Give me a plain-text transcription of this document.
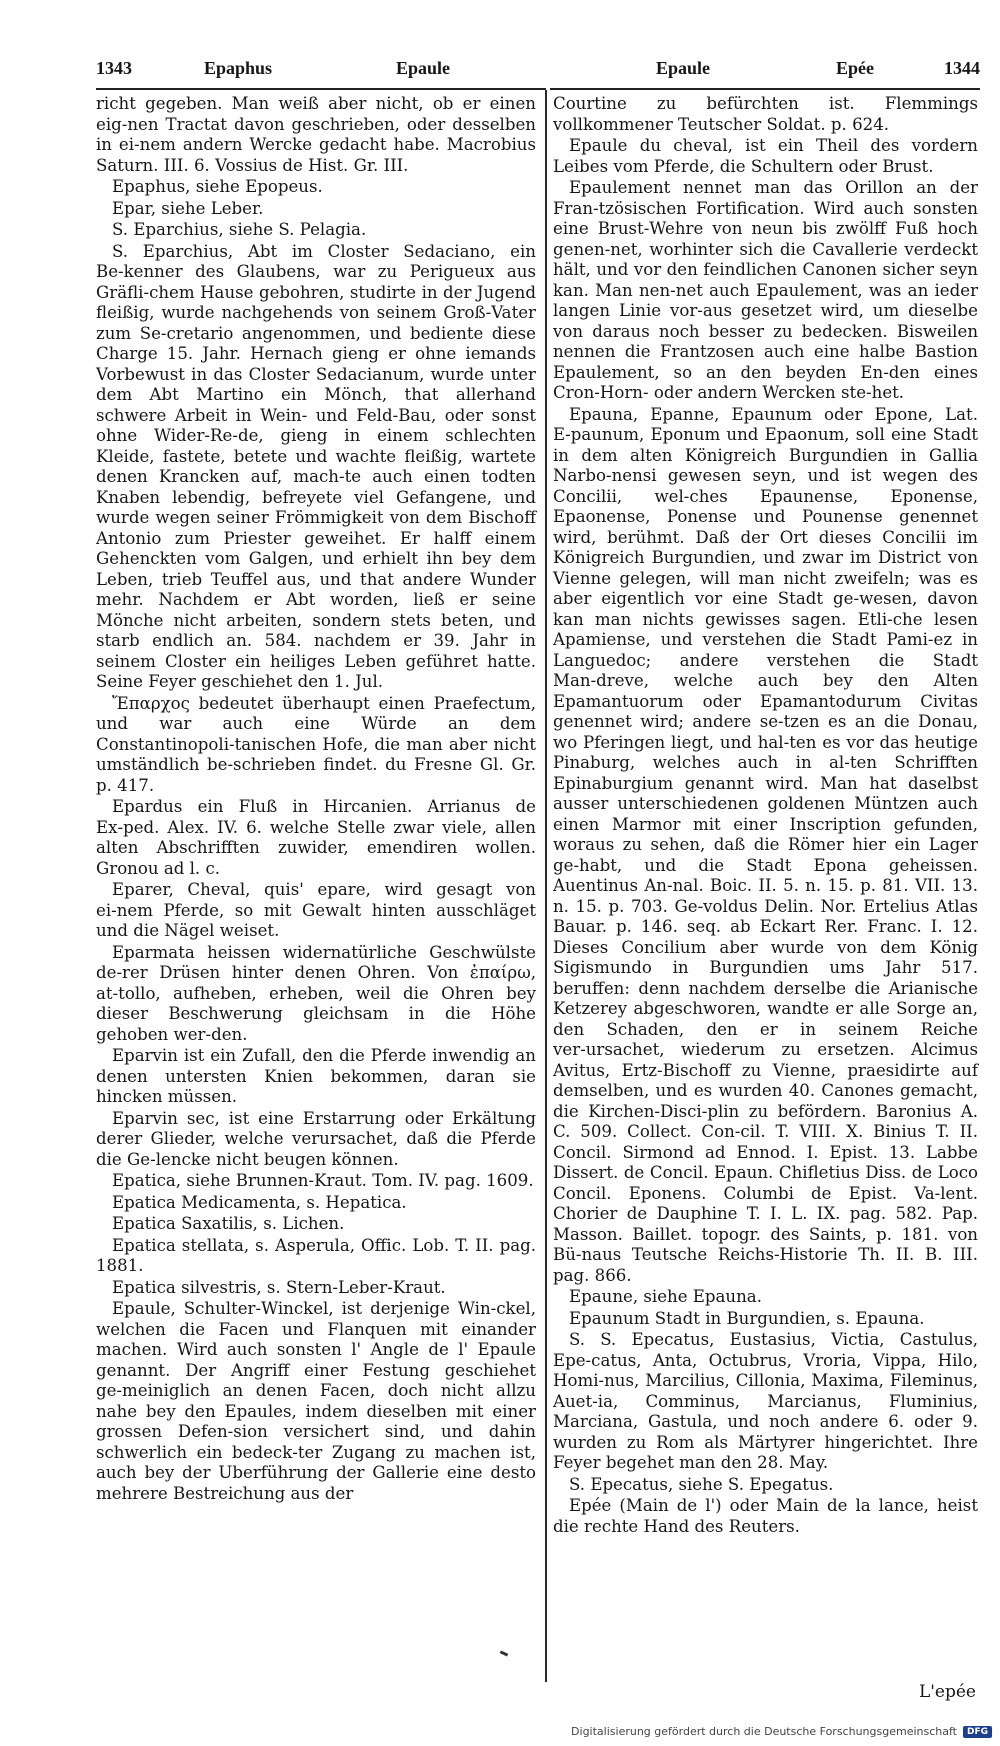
1343	Epaphus	Epaule	Epaule	Epée	1344

richt gegeben. Man weiß aber nicht, ob er einen eig‑nen Tractat davon geschrieben, oder desselben in ei‑nem andern Wercke gedacht habe. Macrobius Saturn. III. 6. Vossius de Hist. Gr. III.

Epaphus, siehe Epopeus.

Epar, siehe Leber.

S. Eparchius, siehe S. Pelagia.

S. Eparchius, Abt im Closter Sedaciano, ein Be‑kenner des Glaubens, war zu Perigueux aus Gräfli‑chem Hause gebohren, studirte in der Jugend fleißig, wurde nachgehends von seinem Groß‑Vater zum Se‑cretario angenommen, und bediente diese Charge 15. Jahr. Hernach gieng er ohne iemands Vorbewust in das Closter Sedacianum, wurde unter dem Abt Martino ein Mönch, that allerhand schwere Arbeit in Wein‑ und Feld‑Bau, oder sonst ohne Wider‑Re‑de, gieng in einem schlechten Kleide, fastete, betete und wachte fleißig, wartete denen Krancken auf, mach‑te auch einen todten Knaben lebendig, befreyete viel Gefangene, und wurde wegen seiner Frömmigkeit von dem Bischoff Antonio zum Priester geweihet. Er halff einem Gehenckten vom Galgen, und erhielt ihn bey dem Leben, trieb Teuffel aus, und that andere Wunder mehr. Nachdem er Abt worden, ließ er seine Mönche nicht arbeiten, sondern stets beten, und starb endlich an. 584. nachdem er 39. Jahr in seinem Closter ein heiliges Leben geführet hatte. Seine Feyer geschiehet den 1. Jul.

Ἔπαρχος bedeutet überhaupt einen Praefectum, und war auch eine Würde an dem Constantinopoli‑tanischen Hofe, die man aber nicht umständlich be‑schrieben findet. du Fresne Gl. Gr. p. 417.

Epardus ein Fluß in Hircanien. Arrianus de Ex‑ped. Alex. IV. 6. welche Stelle zwar viele, allen alten Abschrifften zuwider, emendiren wollen. Gronou ad l. c.

Eparer, Cheval, quis' epare, wird gesagt von ei‑nem Pferde, so mit Gewalt hinten ausschläget und die Nägel weiset.

Eparmata heissen widernatürliche Geschwülste de‑rer Drüsen hinter denen Ohren. Von ἐπαίρω, at‑tollo, aufheben, erheben, weil die Ohren bey dieser Beschwerung gleichsam in die Höhe gehoben wer‑den.

Eparvin ist ein Zufall, den die Pferde inwendig an denen untersten Knien bekommen, daran sie hincken müssen.

Eparvin sec, ist eine Erstarrung oder Erkältung derer Glieder, welche verursachet, daß die Pferde die Ge‑lencke nicht beugen können.

Epatica, siehe Brunnen‑Kraut. Tom. IV. pag. 1609.

Epatica Medicamenta, s. Hepatica.

Epatica Saxatilis, s. Lichen.

Epatica stellata, s. Asperula, Offic. Lob. T. II. pag. 1881.

Epatica silvestris, s. Stern‑Leber‑Kraut.

Epaule, Schulter‑Winckel, ist derjenige Win‑ckel, welchen die Facen und Flanquen mit einander machen. Wird auch sonsten l' Angle de l' Epaule genannt. Der Angriff einer Festung geschiehet ge‑meiniglich an denen Facen, doch nicht allzu nahe bey den Epaules, indem dieselben mit einer grossen Defen‑sion versichert sind, und dahin schwerlich ein bedeck‑ter Zugang zu machen ist, auch bey der Uberführung der Gallerie eine desto mehrere Bestreichung aus der

Courtine zu befürchten ist. Flemmings vollkommener Teutscher Soldat. p. 624.

Epaule du cheval, ist ein Theil des vordern Leibes vom Pferde, die Schultern oder Brust.

Epaulement nennet man das Orillon an der Fran‑tzösischen Fortification. Wird auch sonsten eine Brust‑Wehre von neun bis zwölff Fuß hoch genen‑net, worhinter sich die Cavallerie verdeckt hält, und vor den feindlichen Canonen sicher seyn kan. Man nen‑net auch Epaulement, was an ieder langen Linie vor‑aus gesetzet wird, um dieselbe von daraus noch besser zu bedecken. Bisweilen nennen die Frantzosen auch eine halbe Bastion Epaulement, so an den beyden En‑den eines Cron‑Horn‑ oder andern Wercken ste‑het.

Epauna, Epanne, Epaunum oder Epone, Lat. E‑paunum, Eponum und Epaonum, soll eine Stadt in dem alten Königreich Burgundien in Gallia Narbo‑nensi gewesen seyn, und ist wegen des Concilii, wel‑ches Epaunense, Eponense, Epaonense, Ponense und Pounense genennet wird, berühmt. Daß der Ort dieses Concilii im Königreich Burgundien, und zwar im District von Vienne gelegen, will man nicht zweifeln; was es aber eigentlich vor eine Stadt ge‑wesen, davon kan man nichts gewisses sagen. Etli‑che lesen Apamiense, und verstehen die Stadt Pami‑ez in Languedoc; andere verstehen die Stadt Man‑dreve, welche auch bey den Alten Epamantuorum oder Epamantodurum Civitas genennet wird; andere se‑tzen es an die Donau, wo Pferingen liegt, und hal‑ten es vor das heutige Pinaburg, welches auch in al‑ten Schrifften Epinaburgium genannt wird. Man hat daselbst ausser unterschiedenen goldenen Müntzen auch einen Marmor mit einer Inscription gefunden, woraus zu sehen, daß die Römer hier ein Lager ge‑habt, und die Stadt Epona geheissen. Auentinus An‑nal. Boic. II. 5. n. 15. p. 81. VII. 13. n. 15. p. 703. Ge‑voldus Delin. Nor. Ertelius Atlas Bauar. p. 146. seq. ab Eckart Rer. Franc. I. 12. Dieses Concilium aber wurde von dem König Sigismundo in Burgundien ums Jahr 517. beruffen: denn nachdem derselbe die Arianische Ketzerey abgeschworen, wandte er alle Sorge an, den Schaden, den er in seinem Reiche ver‑ursachet, wiederum zu ersetzen. Alcimus Avitus, Ertz‑Bischoff zu Vienne, praesidirte auf demselben, und es wurden 40. Canones gemacht, die Kirchen‑Disci‑plin zu befördern. Baronius A. C. 509. Collect. Con‑cil. T. VIII. X. Binius T. II. Concil. Sirmond ad Ennod. I. Epist. 13. Labbe Dissert. de Concil. Epaun. Chifletius Diss. de Loco Concil. Eponens. Columbi de Epist. Va‑lent. Chorier de Dauphine T. I. L. IX. pag. 582. Pap. Masson. Baillet. topogr. des Saints, p. 181. von Bü‑naus Teutsche Reichs‑Historie Th. II. B. III. pag. 866.

Epaune, siehe Epauna.

Epaunum Stadt in Burgundien, s. Epauna.

S. S. Epecatus, Eustasius, Victia, Castulus, Epe‑catus, Anta, Octubrus, Vroria, Vippa, Hilo, Homi‑nus, Marcilius, Cillonia, Maxima, Fileminus, Auet‑ia, Comminus, Marcianus, Fluminius, Marciana, Gastula, und noch andere 6. oder 9. wurden zu Rom als Märtyrer hingerichtet. Ihre Feyer begehet man den 28. May.

S. Epecatus, siehe S. Epegatus.

Epée (Main de l') oder Main de la lance, heist die rechte Hand des Reuters.

L'epée
Digitalisierung gefördert durch die Deutsche Forschungsgemeinschaft	DFG
